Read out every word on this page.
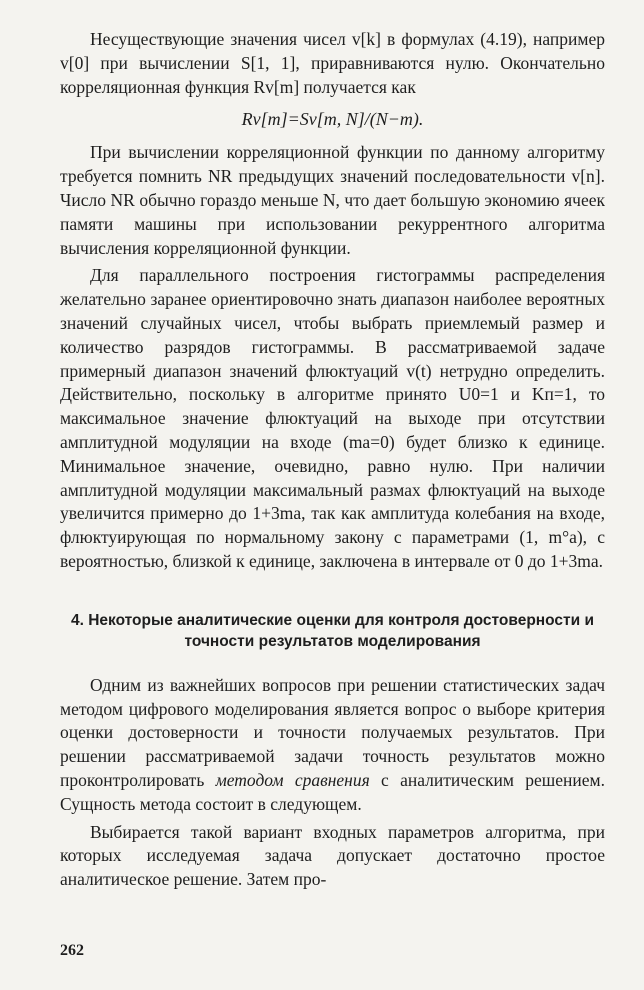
Несуществующие значения чисел v[k] в формулах (4.19), например v[0] при вычислении S[1, 1], приравниваются нулю. Окончательно корреляционная функция Rv[m] получается как

Rv[m]=Sv[m, N]/(N−m).

При вычислении корреляционной функции по данному алгоритму требуется помнить NR предыдущих значений последовательности v[n]. Число NR обычно гораздо меньше N, что дает большую экономию ячеек памяти машины при использовании рекуррентного алгоритма вычисления корреляционной функции.

Для параллельного построения гистограммы распределения желательно заранее ориентировочно знать диапазон наиболее вероятных значений случайных чисел, чтобы выбрать приемлемый размер и количество разрядов гистограммы. В рассматриваемой задаче примерный диапазон значений флюктуаций v(t) нетрудно определить. Действительно, поскольку в алгоритме принято U0=1 и Kп=1, то максимальное значение флюктуаций на выходе при отсутствии амплитудной модуляции на входе (ma=0) будет близко к единице. Минимальное значение, очевидно, равно нулю. При наличии амплитудной модуляции максимальный размах флюктуаций на выходе увеличится примерно до 1+3ma, так как амплитуда колебания на входе, флюктуирующая по нормальному закону с параметрами (1, m°a), с вероятностью, близкой к единице, заключена в интервале от 0 до 1+3ma.

4. Некоторые аналитические оценки для контроля достоверности и точности результатов моделирования

Одним из важнейших вопросов при решении статистических задач методом цифрового моделирования является вопрос о выборе критерия оценки достоверности и точности получаемых результатов. При решении рассматриваемой задачи точность результатов можно проконтролировать методом сравнения с аналитическим решением. Сущность метода состоит в следующем.

Выбирается такой вариант входных параметров алгоритма, при которых исследуемая задача допускает достаточно простое аналитическое решение. Затем про-

262
